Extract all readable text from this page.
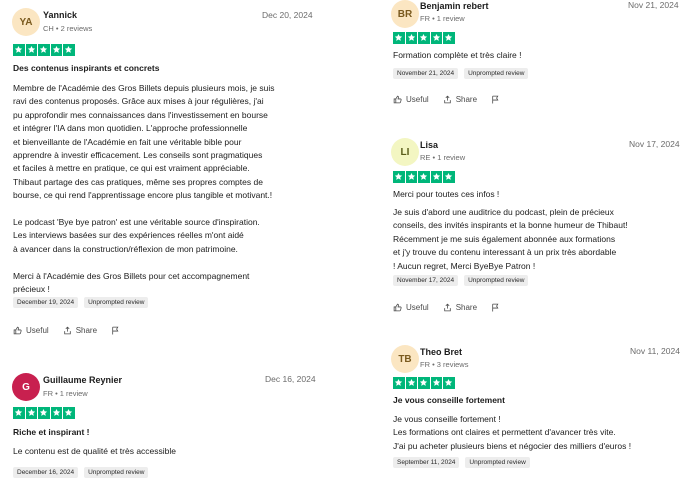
YA
Yannick
CH • 2 reviews
Dec 20, 2024
Des contenus inspirants et concrets

Membre de l'Académie des Gros Billets depuis plusieurs mois, je suis

ravi des contenus proposés. Grâce aux mises à jour régulières, j'ai

pu approfondir mes connaissances dans l'investissement en bourse

et intégrer l'IA dans mon quotidien. L'approche professionnelle

et bienveillante de l'Académie en fait une véritable bible pour

apprendre à investir efficacement. Les conseils sont pragmatiques

et faciles à mettre en pratique, ce qui est vraiment appréciable.

Thibaut partage des cas pratiques, même ses propres comptes de

bourse, ce qui rend l'apprentissage encore plus tangible et motivant.!

Le podcast 'Bye bye patron' est une véritable source d'inspiration.

Les interviews basées sur des expériences réelles m'ont aidé

à avancer dans la construction/réflexion de mon patrimoine.

Merci à l'Académie des Gros Billets pour cet accompagnement

précieux !

December 19, 2024	Unprompted review
Useful	Share
G
Guillaume Reynier
FR • 1 review
Dec 16, 2024
Riche et inspirant !

Le contenu est de qualité et très accessible

December 16, 2024	Unprompted review
BR
Benjamin rebert
FR • 1 review
Nov 21, 2024
Formation complète et très claire !
November 21, 2024	Unprompted review
Useful	Share
LI
Lisa
RE • 1 review
Nov 17, 2024
Merci pour toutes ces infos !

Je suis d'abord une auditrice du podcast, plein de précieux

conseils, des invités inspirants et la bonne humeur de Thibaut!

Récemment je me suis également abonnée aux formations

et j'y trouve du contenu interessant à un prix très abordable

! Aucun regret, Merci ByeBye Patron !

November 17, 2024	Unprompted review
Useful	Share
TB
Theo Bret
FR • 3 reviews
Nov 11, 2024
Je vous conseille fortement

Je vous conseille fortement !

Les formations ont claires et permettent d'avancer très vite.

J'ai pu acheter plusieurs biens et négocier des milliers d'euros !

September 11, 2024	Unprompted review
